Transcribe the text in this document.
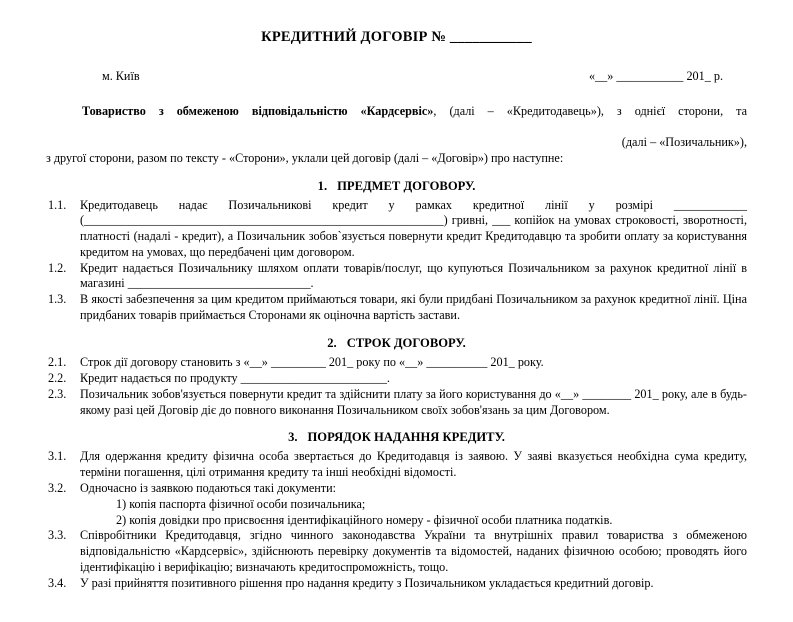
КРЕДИТНИЙ ДОГОВІР № ___________
м. Київ	«__» ___________ 201_ р.
Товариство з обмеженою відповідальністю «Кардсервіс», (далі – «Кредитодавець»), з однієї сторони, та
(далі – «Позичальник»),
з другої сторони, разом по тексту - «Сторони», уклали цей договір (далі – «Договір») про наступне:
1. ПРЕДМЕТ ДОГОВОРУ.
1.1.	Кредитодавець надає Позичальникові кредит у рамках кредитної лінії у розмірі ____________ (___________________________________________________________) гривні, ___ копійок на умовах строковості, зворотності, платності (надалі - кредит), а Позичальник зобов`язується повернути кредит Кредитодавцю та зробити оплату за користування кредитом на умовах, що передбачені цим договором.
1.2.	Кредит надається Позичальнику шляхом оплати товарів/послуг, що купуються Позичальником за рахунок кредитної лінії в магазині ______________________________.
1.3.	В якості забезпечення за цим кредитом приймаються товари, які були придбані Позичальником за рахунок кредитної лінії. Ціна придбаних товарів приймається Сторонами як оціночна вартість застави.
2. СТРОК ДОГОВОРУ.
2.1.	Строк дії договору становить з «__» _________ 201_ року по «__» __________ 201_ року.
2.2.	Кредит надається по продукту ________________________.
2.3.	Позичальник зобов'язується повернути кредит та здійснити плату за його користування до «__» ________ 201_ року, але в будь-якому разі цей Договір діє до повного виконання Позичальником своїх зобов'язань за цим Договором.
3. ПОРЯДОК НАДАННЯ КРЕДИТУ.
3.1.	Для одержання кредиту фізична особа звертається до Кредитодавця із заявою. У заяві вказується необхідна сума кредиту, терміни погашення, цілі отримання кредиту та інші необхідні відомості.
3.2.	Одночасно із заявкою подаються такі документи:
1) копія паспорта фізичної особи позичальника;
2) копія довідки про присвоєння ідентифікаційного номеру - фізичної особи платника податків.
3.3.	Співробітники Кредитодавця, згідно чинного законодавства України та внутрішніх правил товариства з обмеженою відповідальністю «Кардсервіс», здійснюють перевірку документів та відомостей, наданих фізичною особою; проводять його ідентифікацію і верифікацію; визначають кредитоспроможність, тощо.
3.4.	У разі прийняття позитивного рішення про надання кредиту з Позичальником укладається кредитний договір.
